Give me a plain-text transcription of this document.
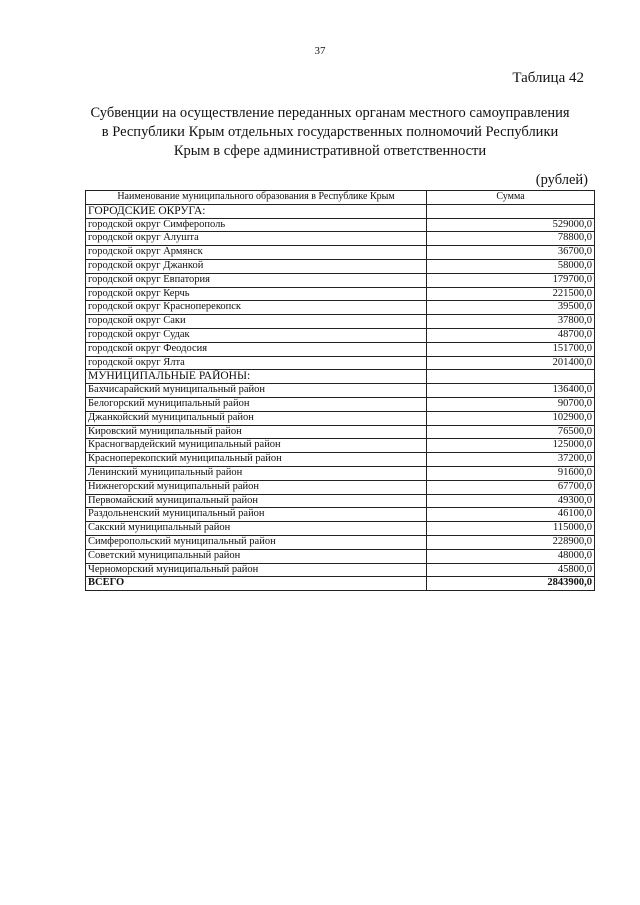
37
Таблица 42
Субвенции на осуществление переданных органам местного самоуправления
в Республики Крым отдельных государственных полномочий Республики
Крым в сфере административной ответственности
(рублей)
Наименование муниципального образования в Республике Крым	Сумма
ГОРОДСКИЕ ОКРУГА:	
городской округ Симферополь	529000,0
городской округ Алушта	78800,0
городской округ Армянск	36700,0
городской округ Джанкой	58000,0
городской округ Евпатория	179700,0
городской округ Керчь	221500,0
городской округ Красноперекопск	39500,0
городской округ Саки	37800,0
городской округ Судак	48700,0
городской округ Феодосия	151700,0
городской округ Ялта	201400,0
МУНИЦИПАЛЬНЫЕ РАЙОНЫ:	
Бахчисарайский муниципальный район	136400,0
Белогорский муниципальный район	90700,0
Джанкойский муниципальный район	102900,0
Кировский муниципальный район	76500,0
Красногвардейский муниципальный район	125000,0
Красноперекопский муниципальный район	37200,0
Ленинский муниципальный район	91600,0
Нижнегорский муниципальный район	67700,0
Первомайский муниципальный район	49300,0
Раздольненский муниципальный район	46100,0
Сакский муниципальный район	115000,0
Симферопольский муниципальный район	228900,0
Советский муниципальный район	48000,0
Черноморский муниципальный район	45800,0
ВСЕГО	2843900,0
